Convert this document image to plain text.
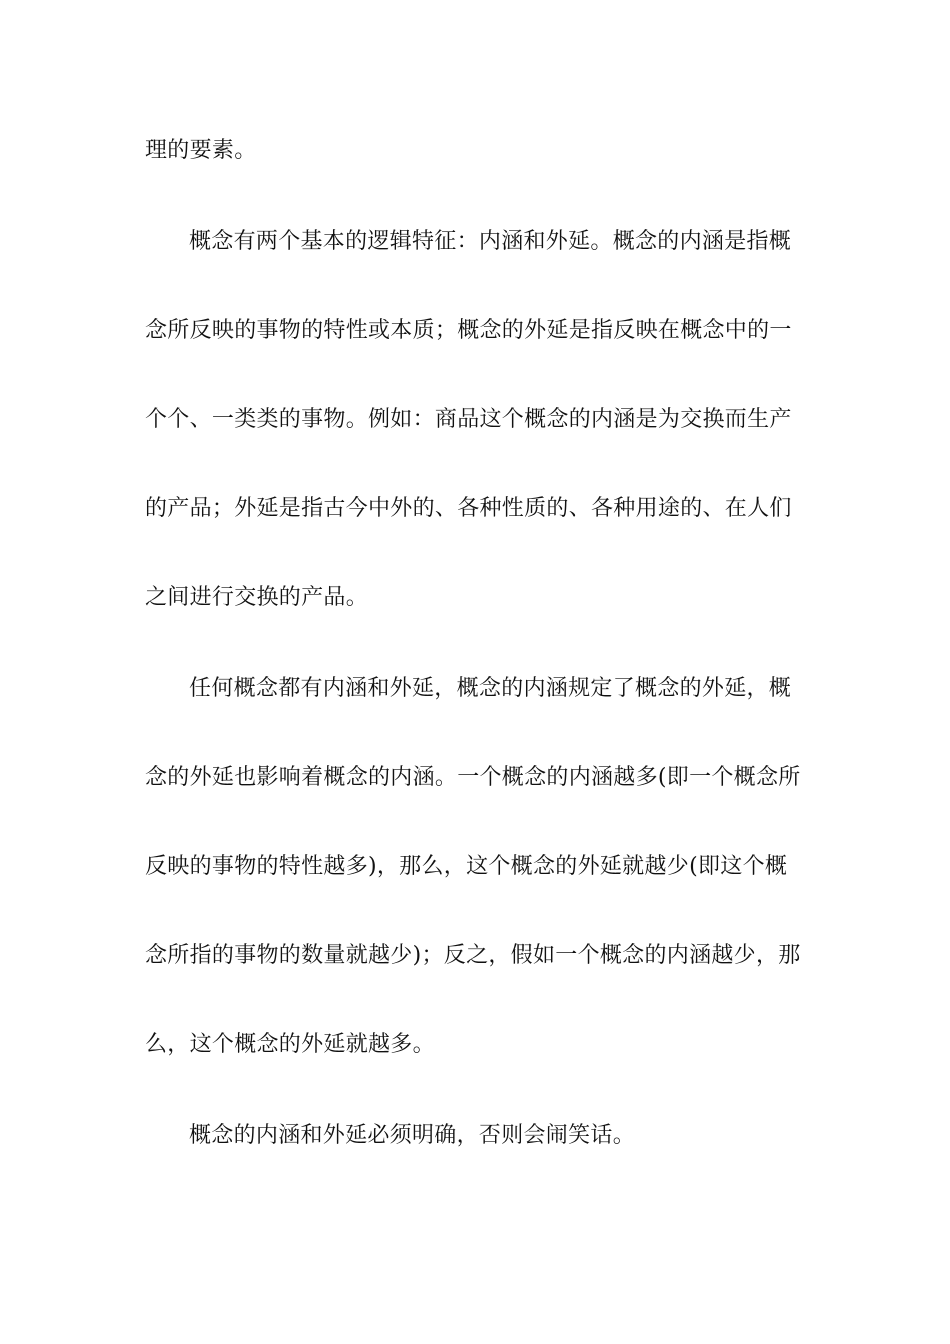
理的要素。
概念有两个基本的逻辑特征：内涵和外延。概念的内涵是指概
念所反映的事物的特性或本质；概念的外延是指反映在概念中的一
个个、一类类的事物。例如：商品这个概念的内涵是为交换而生产
的产品；外延是指古今中外的、各种性质的、各种用途的、在人们
之间进行交换的产品。
任何概念都有内涵和外延，概念的内涵规定了概念的外延，概
念的外延也影响着概念的内涵。一个概念的内涵越多(即一个概念所
反映的事物的特性越多)，那么，这个概念的外延就越少(即这个概
念所指的事物的数量就越少)；反之，假如一个概念的内涵越少，那
么，这个概念的外延就越多。
概念的内涵和外延必须明确，否则会闹笑话。
